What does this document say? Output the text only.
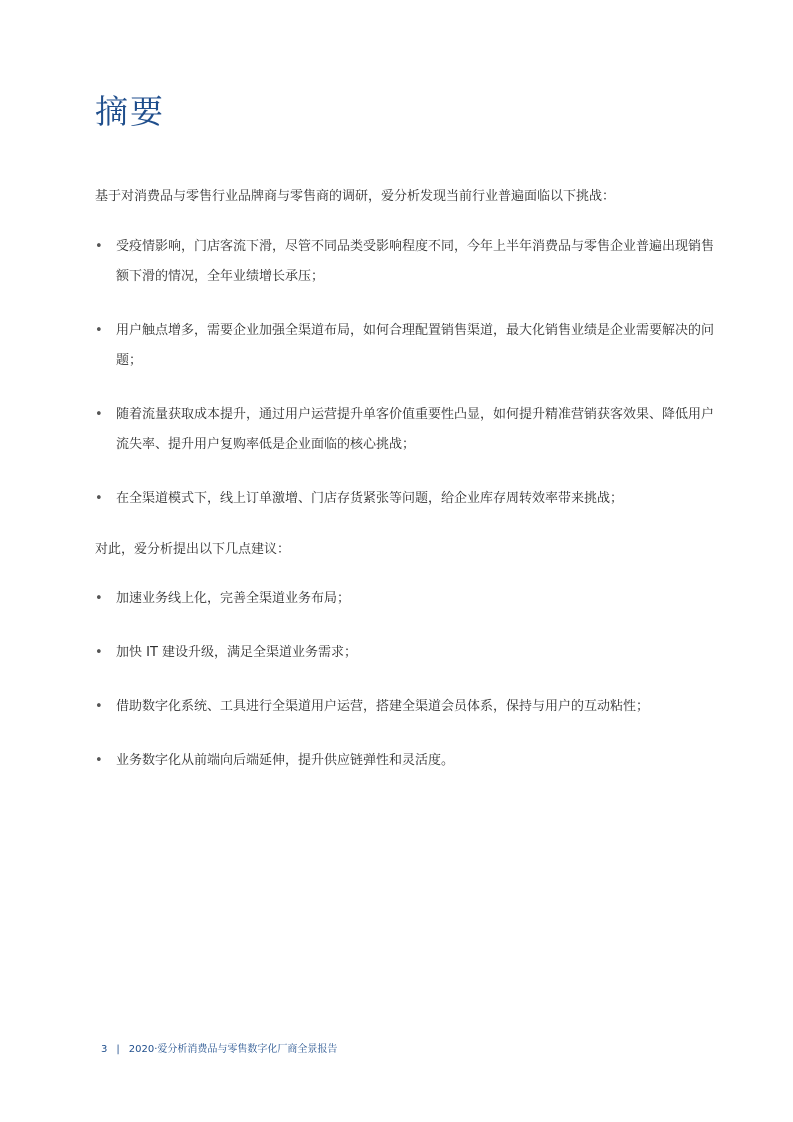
摘要

基于对消费品与零售行业品牌商与零售商的调研，爱分析发现当前行业普遍面临以下挑战：

• 受疫情影响，门店客流下滑，尽管不同品类受影响程度不同，今年上半年消费品与零售企业普遍出现销售额下滑的情况，全年业绩增长承压；
• 用户触点增多，需要企业加强全渠道布局，如何合理配置销售渠道，最大化销售业绩是企业需要解决的问题；
• 随着流量获取成本提升，通过用户运营提升单客价值重要性凸显，如何提升精准营销获客效果、降低用户流失率、提升用户复购率低是企业面临的核心挑战；
• 在全渠道模式下，线上订单激增、门店存货紧张等问题，给企业库存周转效率带来挑战；

对此，爱分析提出以下几点建议：

• 加速业务线上化，完善全渠道业务布局；
• 加快 IT 建设升级，满足全渠道业务需求；
• 借助数字化系统、工具进行全渠道用户运营，搭建全渠道会员体系，保持与用户的互动粘性；
• 业务数字化从前端向后端延伸，提升供应链弹性和灵活度。
3 | 2020·爱分析消费品与零售数字化厂商全景报告
